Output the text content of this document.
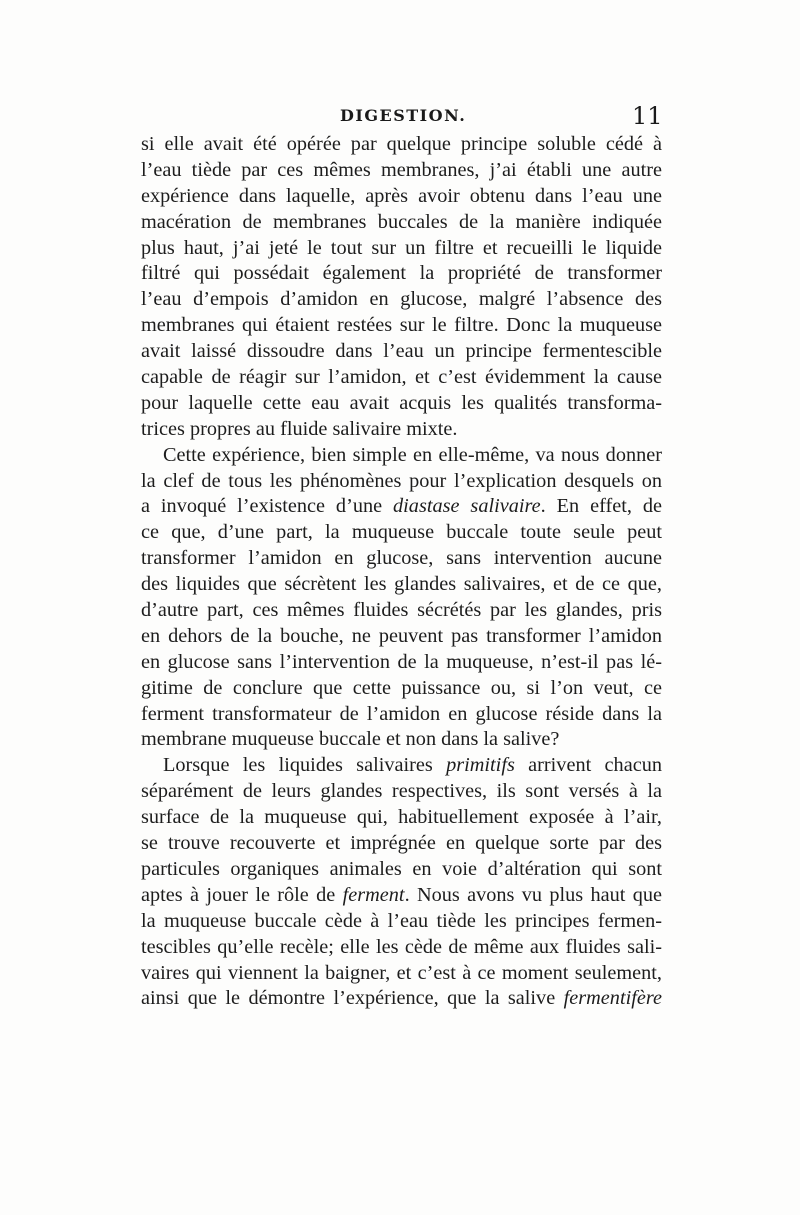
DIGESTION.	11
si elle avait été opérée par quelque principe soluble cédé à
l’eau tiède par ces mêmes membranes, j’ai établi une autre
expérience dans laquelle, après avoir obtenu dans l’eau une
macération de membranes buccales de la manière indiquée
plus haut, j’ai jeté le tout sur un filtre et recueilli le liquide
filtré qui possédait également la propriété de transformer
l’eau d’empois d’amidon en glucose, malgré l’absence des
membranes qui étaient restées sur le filtre. Donc la muqueuse
avait laissé dissoudre dans l’eau un principe fermentescible
capable de réagir sur l’amidon, et c’est évidemment la cause
pour laquelle cette eau avait acquis les qualités transforma-
trices propres au fluide salivaire mixte.
Cette expérience, bien simple en elle-même, va nous donner
la clef de tous les phénomènes pour l’explication desquels on
a invoqué l’existence d’une diastase salivaire. En effet, de
ce que, d’une part, la muqueuse buccale toute seule peut
transformer l’amidon en glucose, sans intervention aucune
des liquides que sécrètent les glandes salivaires, et de ce que,
d’autre part, ces mêmes fluides sécrétés par les glandes, pris
en dehors de la bouche, ne peuvent pas transformer l’amidon
en glucose sans l’intervention de la muqueuse, n’est-il pas lé-
gitime de conclure que cette puissance ou, si l’on veut, ce
ferment transformateur de l’amidon en glucose réside dans la
membrane muqueuse buccale et non dans la salive?
Lorsque les liquides salivaires primitifs arrivent chacun
séparément de leurs glandes respectives, ils sont versés à la
surface de la muqueuse qui, habituellement exposée à l’air,
se trouve recouverte et imprégnée en quelque sorte par des
particules organiques animales en voie d’altération qui sont
aptes à jouer le rôle de ferment. Nous avons vu plus haut que
la muqueuse buccale cède à l’eau tiède les principes fermen-
tescibles qu’elle recèle; elle les cède de même aux fluides sali-
vaires qui viennent la baigner, et c’est à ce moment seulement,
ainsi que le démontre l’expérience, que la salive fermentifère
